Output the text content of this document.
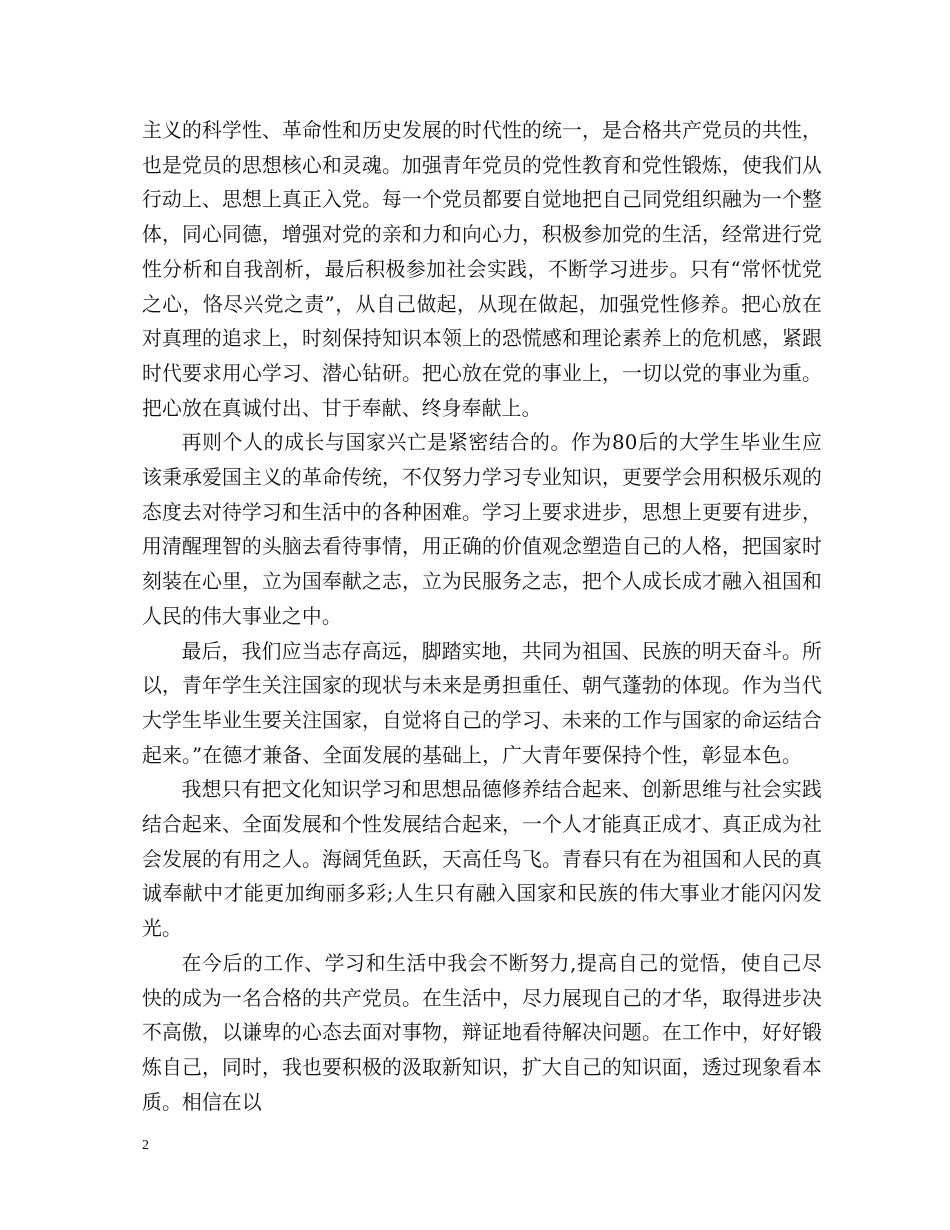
主义的科学性、革命性和历史发展的时代性的统一，是合格共产党员的共性，也是党员的思想核心和灵魂。加强青年党员的党性教育和党性锻炼，使我们从行动上、思想上真正入党。每一个党员都要自觉地把自己同党组织融为一个整体，同心同德，增强对党的亲和力和向心力，积极参加党的生活，经常进行党性分析和自我剖析，最后积极参加社会实践，不断学习进步。只有“常怀忧党之心，恪尽兴党之责”，从自己做起，从现在做起，加强党性修养。把心放在对真理的追求上，时刻保持知识本领上的恐慌感和理论素养上的危机感，紧跟时代要求用心学习、潜心钻研。把心放在党的事业上，一切以党的事业为重。把心放在真诚付出、甘于奉献、终身奉献上。

再则个人的成长与国家兴亡是紧密结合的。作为80后的大学生毕业生应该秉承爱国主义的革命传统，不仅努力学习专业知识，更要学会用积极乐观的态度去对待学习和生活中的各种困难。学习上要求进步，思想上更要有进步，用清醒理智的头脑去看待事情，用正确的价值观念塑造自己的人格，把国家时刻装在心里，立为国奉献之志，立为民服务之志，把个人成长成才融入祖国和人民的伟大事业之中。

最后，我们应当志存高远，脚踏实地，共同为祖国、民族的明天奋斗。所以，青年学生关注国家的现状与未来是勇担重任、朝气蓬勃的体现。作为当代大学生毕业生要关注国家，自觉将自己的学习、未来的工作与国家的命运结合起来。”在德才兼备、全面发展的基础上，广大青年要保持个性，彰显本色。

我想只有把文化知识学习和思想品德修养结合起来、创新思维与社会实践结合起来、全面发展和个性发展结合起来，一个人才能真正成才、真正成为社会发展的有用之人。海阔凭鱼跃，天高任鸟飞。青春只有在为祖国和人民的真诚奉献中才能更加绚丽多彩;人生只有融入国家和民族的伟大事业才能闪闪发光。

在今后的工作、学习和生活中我会不断努力,提高自己的觉悟，使自己尽快的成为一名合格的共产党员。在生活中，尽力展现自己的才华，取得进步决不高傲，以谦卑的心态去面对事物，辩证地看待解决问题。在工作中，好好锻炼自己，同时，我也要积极的汲取新知识，扩大自己的知识面，透过现象看本质。相信在以

2
